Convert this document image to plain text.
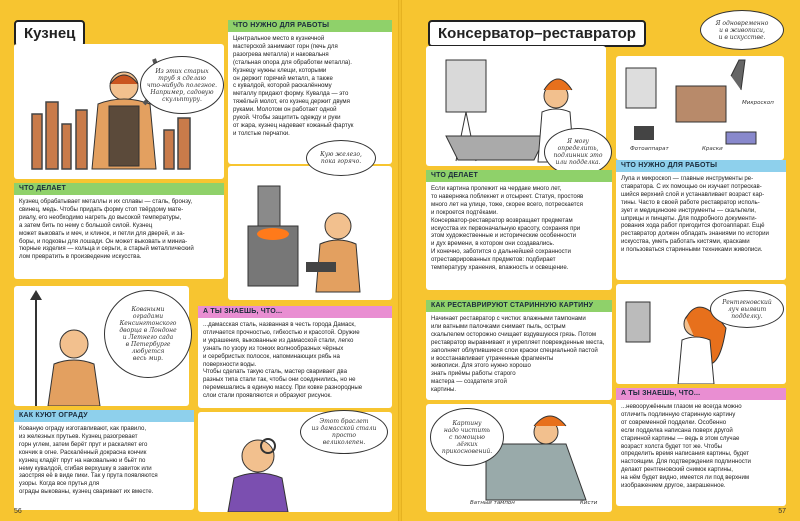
Кузнец
Из этих старых
труб я сделаю
что-нибудь полезное.
Например, садовую
скульптуру.
ЧТО НУЖНО ДЛЯ РАБОТЫ
Центральное место в кузнечной
мастерской занимают горн (печь для
разогрева металла) и наковальня
(стальная опора для обработки металла).
Кузнецу нужны клещи, которыми
он держит горячий металл, а также
с кувалдой, которой раскалённому
металлу придают форму. Кувалда — это
тяжёлый молот, его кузнец держит двумя
руками. Молотом он работает одной
рукой. Чтобы защитить одежду и руки
от жара, кузнец надевает кожаный фартук
и толстые перчатки.
Кую железо,
пока горячо.
ЧТО ДЕЛАЕТ
Кузнец обрабатывает металлы и их сплавы — сталь, бронзу,
свинец, медь. Чтобы придать форму стоп твёрдому мате-
риалу, его необходимо нагреть до высокой температуры,
а затем бить по нему с большой силой. Кузнец
может выковать и меч, и клинок, и петли для дверей, и за-
боры, и подковы для лошади. Он может выковать и миниа-
тюрные изделия — кольца и серьги, а старый металлический
лом превратить в произведение искусства.
Коваными
оградами
Кенсингтонского
дворца в Лондоне
и Летнего сада
в Петербурге
любуется
весь мир.
КАК КУЮТ ОГРАДУ
Кованую ограду изготавливают, как правило,
из железных прутьев. Кузнец разогревает
горн углем, затем берёт прут и раскаляет его
кончик в огне. Раскалённый докрасна кончик
кузнец кладёт прут на наковальню и бьёт по
нему кувалдой, сгибая верхушку в завиток или
заостряя её в виде пики. Так у прута появляются
узоры. Когда все прутья для
ограды выкованы, кузнец сваривает их вместе.
А ТЫ ЗНАЕШЬ, ЧТО...
...дамасская сталь, названная в честь города Дамаск,
отличается прочностью, гибкостью и красотой. Оружие
и украшения, выкованные из дамасской стали, легко
узнать по узору из тонких волнообразных чёрных
и серебристых полосок, напоминающих рябь на
поверхности воды.
Чтобы сделать такую сталь, мастер сваривает два
разных типа стали так, чтобы они соединились, но не
перемешались в единую массу. При ковке разнородные
слои стали проявляются и образуют рисунок.
Этот браслет
из дамасской стали
просто
великолепен.
56
Консерватор–реставратор
Я могу
определить,
подлинник это
или подделка.
Я одновременно
и в живописи,
и в искусстве.
Микроскоп
Фотоаппарат	Краски
ЧТО ДЕЛАЕТ
Если картина пролежит на чердаке много лет,
то наверняка поблекнет и отсыреет. Статуя, простояв
много лет на улице, тоже, скорее всего, потрескается
и покроется подтёками.
Консерватор-реставратор возвращает предметам
искусства их первоначальную красоту, сохраняя при
этом художественные и исторические особенности
и дух времени, в котором они создавались.
И конечно, заботится о дальнейшей сохранности
отреставрированных предметов: подбирает
температуру хранения, влажность и освещение.
ЧТО НУЖНО ДЛЯ РАБОТЫ
Лупа и микроскоп — главные инструменты ре-
ставратора. С их помощью он изучает потрескав-
шийся верхний слой и устанавливает возраст кар-
тины. Часто в своей работе реставратор исполь-
зует и медицинские инструменты — скальпели,
шприцы и пинцеты. Для подробного документи-
рования хода работ пригодится фотоаппарат. Ещё
реставратор должен обладать знаниями по истории
искусства, уметь работать кистями, красками
и пользоваться старинными техниками живописи.
Рентгеновский
луч выявит
подделку.
КАК РЕСТАВРИРУЮТ СТАРИННУЮ КАРТИНУ
Начинает реставратор с чистки: влажными тампонами
или ватными палочками снимает пыль, острым
скальпелем осторожно счищает вздувшуюся грязь. Потом
реставратор выравнивает и укрепляет поврежденные места,
заполняет облупившиеся слои краски специальной пастой
и восстанавливает утраченные фрагменты
живописи. Для этого нужно хорошо
знать приёмы работы старого
мастера — создателя этой
картины.
Картину
надо чистить
с помощью
лёгких
прикосновений.
Ватный тампон	Кисти
А ТЫ ЗНАЕШЬ, ЧТО...
...невооружённым глазом не всегда можно
отличить подлинную старинную картину
от современной подделки. Особенно
если подделка написана поверх другой
старинной картины — ведь в этом случае
возраст холста будет тот же. Чтобы
определить время написания картины, будет
настоящим. Для подтверждения подлинности
делают рентгеновский снимок картины,
на нём будет видно, имеется ли под верхним
изображением другое, закрашенное.
57
